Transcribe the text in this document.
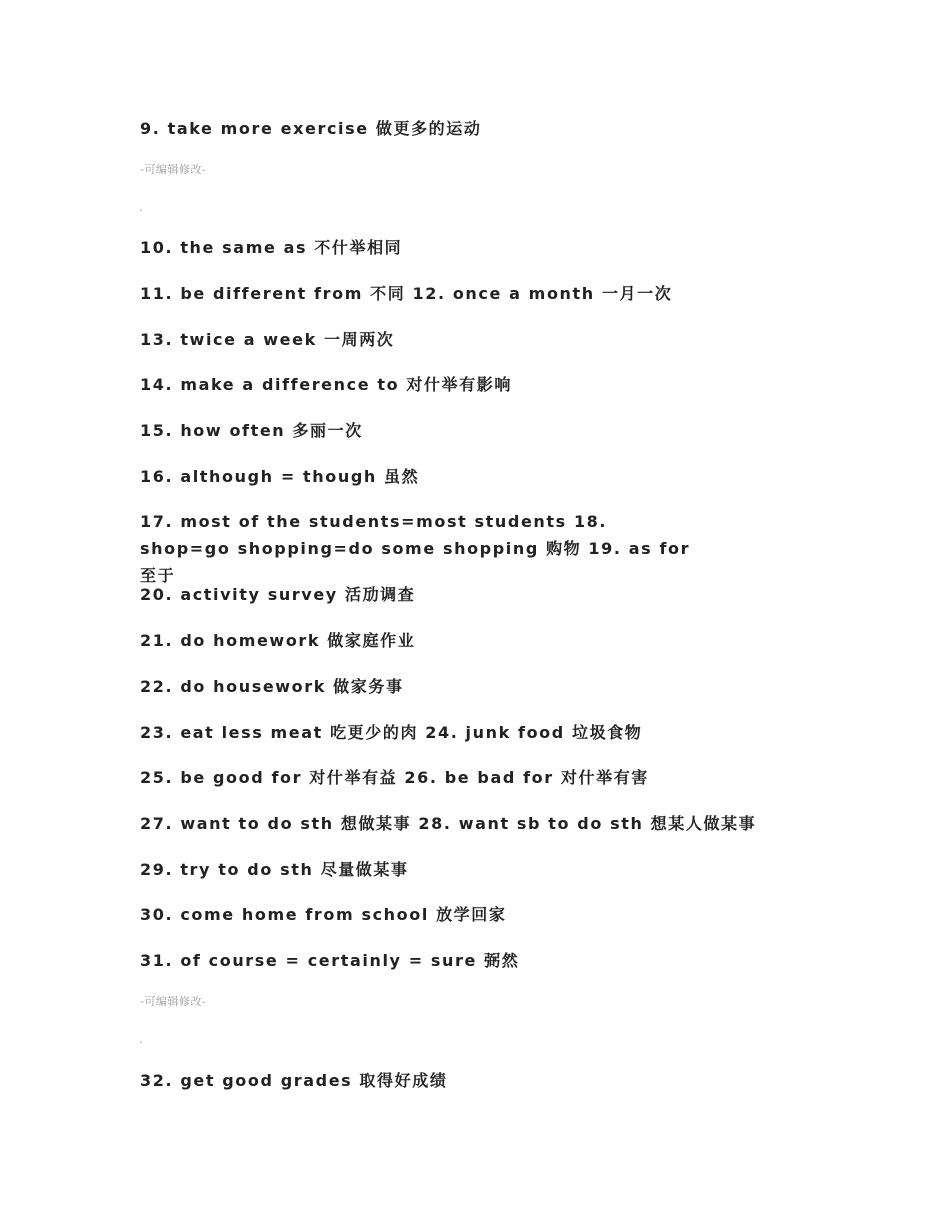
9. take more exercise 做更多的运动
-可编辑修改-
10. the same as 不什举相同
11. be different from 不同 12. once a month 一月一次
13. twice a week 一周两次
14. make a difference to 对什举有影响
15. how often 多丽一次
16. although = though 虽然
17. most of the students=most students 18. shop=go shopping=do some shopping 购物 19. as for 至于
20. activity survey 活劢调查
21. do homework 做家庭作业
22. do housework 做家务事
23. eat less meat 吃更少的肉 24. junk food 垃圾食物
25. be good for 对什举有益 26. be bad for 对什举有害
27. want to do sth 想做某事 28. want sb to do sth 想某人做某事
29. try to do sth 尽量做某事
30. come home from school 放学回家
31. of course = certainly = sure 弼然
-可编辑修改-
32. get good grades 取得好成绩
